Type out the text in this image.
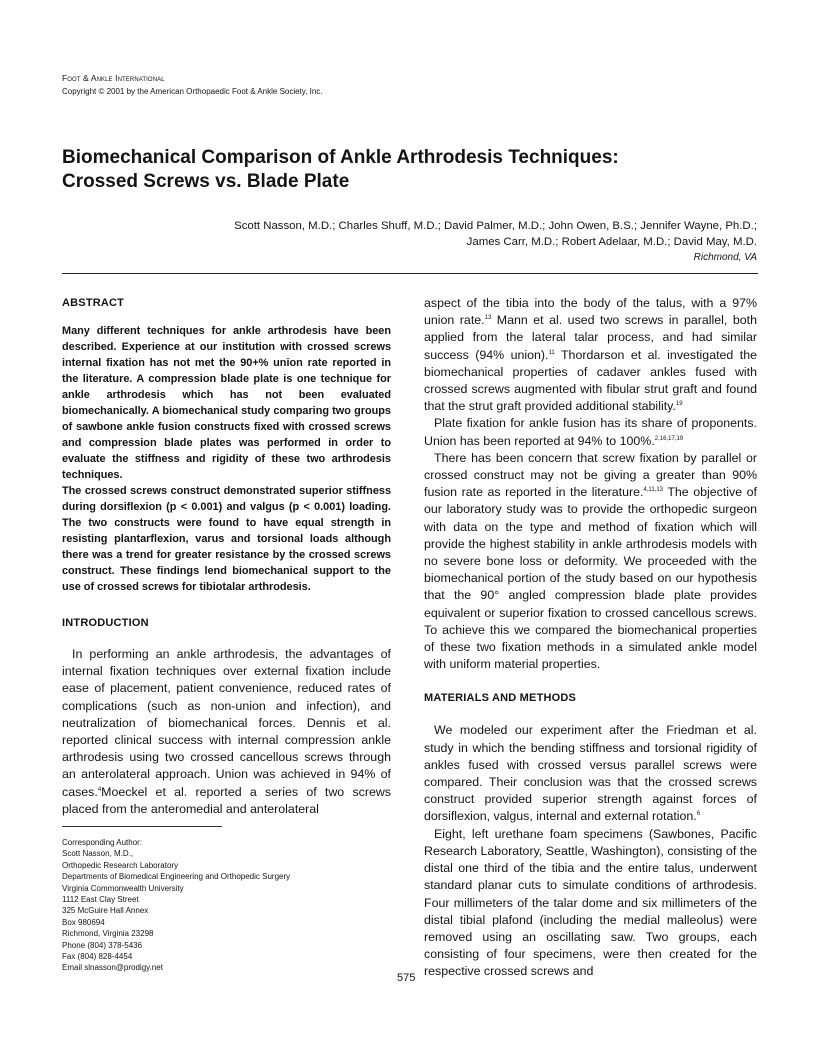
Foot & Ankle International
Copyright © 2001 by the American Orthopaedic Foot & Ankle Society, Inc.
Biomechanical Comparison of Ankle Arthrodesis Techniques:
Crossed Screws vs. Blade Plate
Scott Nasson, M.D.; Charles Shuff, M.D.; David Palmer, M.D.; John Owen, B.S.; Jennifer Wayne, Ph.D.;
James Carr, M.D.; Robert Adelaar, M.D.; David May, M.D.
Richmond, VA
ABSTRACT

Many different techniques for ankle arthrodesis have been described. Experience at our institution with crossed screws internal fixation has not met the 90+% union rate reported in the literature. A compression blade plate is one technique for ankle arthrodesis which has not been evaluated biomechanically. A biomechanical study comparing two groups of sawbone ankle fusion constructs fixed with crossed screws and compression blade plates was performed in order to evaluate the stiffness and rigidity of these two arthrodesis techniques.

The crossed screws construct demonstrated superior stiffness during dorsiflexion (p < 0.001) and valgus (p < 0.001) loading. The two constructs were found to have equal strength in resisting plantarflexion, varus and torsional loads although there was a trend for greater resistance by the crossed screws construct. These findings lend biomechanical support to the use of crossed screws for tibiotalar arthrodesis.

INTRODUCTION

In performing an ankle arthrodesis, the advantages of internal fixation techniques over external fixation include ease of placement, patient convenience, reduced rates of complications (such as non-union and infection), and neutralization of biomechanical forces. Dennis et al. reported clinical success with internal compression ankle arthrodesis using two crossed cancellous screws through an anterolateral approach. Union was achieved in 94% of cases.$^4$Moeckel et al. reported a series of two screws placed from the anteromedial and anterolateral

aspect of the tibia into the body of the talus, with a 97% union rate.$^{13}$ Mann et al. used two screws in parallel, both applied from the lateral talar process, and had similar success (94% union).$^{11}$ Thordarson et al. investigated the biomechanical properties of cadaver ankles fused with crossed screws augmented with fibular strut graft and found that the strut graft provided additional stability.$^{19}$

Plate fixation for ankle fusion has its share of proponents. Union has been reported at 94% to 100%.$^{2,16,17,19}$

There has been concern that screw fixation by parallel or crossed construct may not be giving a greater than 90% fusion rate as reported in the literature.$^{4,11,13}$ The objective of our laboratory study was to provide the orthopedic surgeon with data on the type and method of fixation which will provide the highest stability in ankle arthrodesis models with no severe bone loss or deformity. We proceeded with the biomechanical portion of the study based on our hypothesis that the 90° angled compression blade plate provides equivalent or superior fixation to crossed cancellous screws. To achieve this we compared the biomechanical properties of these two fixation methods in a simulated ankle model with uniform material properties.

MATERIALS AND METHODS

We modeled our experiment after the Friedman et al. study in which the bending stiffness and torsional rigidity of ankles fused with crossed versus parallel screws were compared. Their conclusion was that the crossed screws construct provided superior strength against forces of dorsiflexion, valgus, internal and external rotation.$^6$

Eight, left urethane foam specimens (Sawbones, Pacific Research Laboratory, Seattle, Washington), consisting of the distal one third of the tibia and the entire talus, underwent standard planar cuts to simulate conditions of arthrodesis. Four millimeters of the talar dome and six millimeters of the distal tibial plafond (including the medial malleolus) were removed using an oscillating saw. Two groups, each consisting of four specimens, were then created for the respective crossed screws and

Corresponding Author:
Scott Nasson, M.D.,
Orthopedic Research Laboratory
Departments of Biomedical Engineering and Orthopedic Surgery
Virginia Commonwealth University
1112 East Clay Street
325 McGuire Hall Annex
Box 980694
Richmond, Virginia 23298
Phone (804) 378-5436
Fax (804) 828-4454
Email slnasson@prodigy.net
575
